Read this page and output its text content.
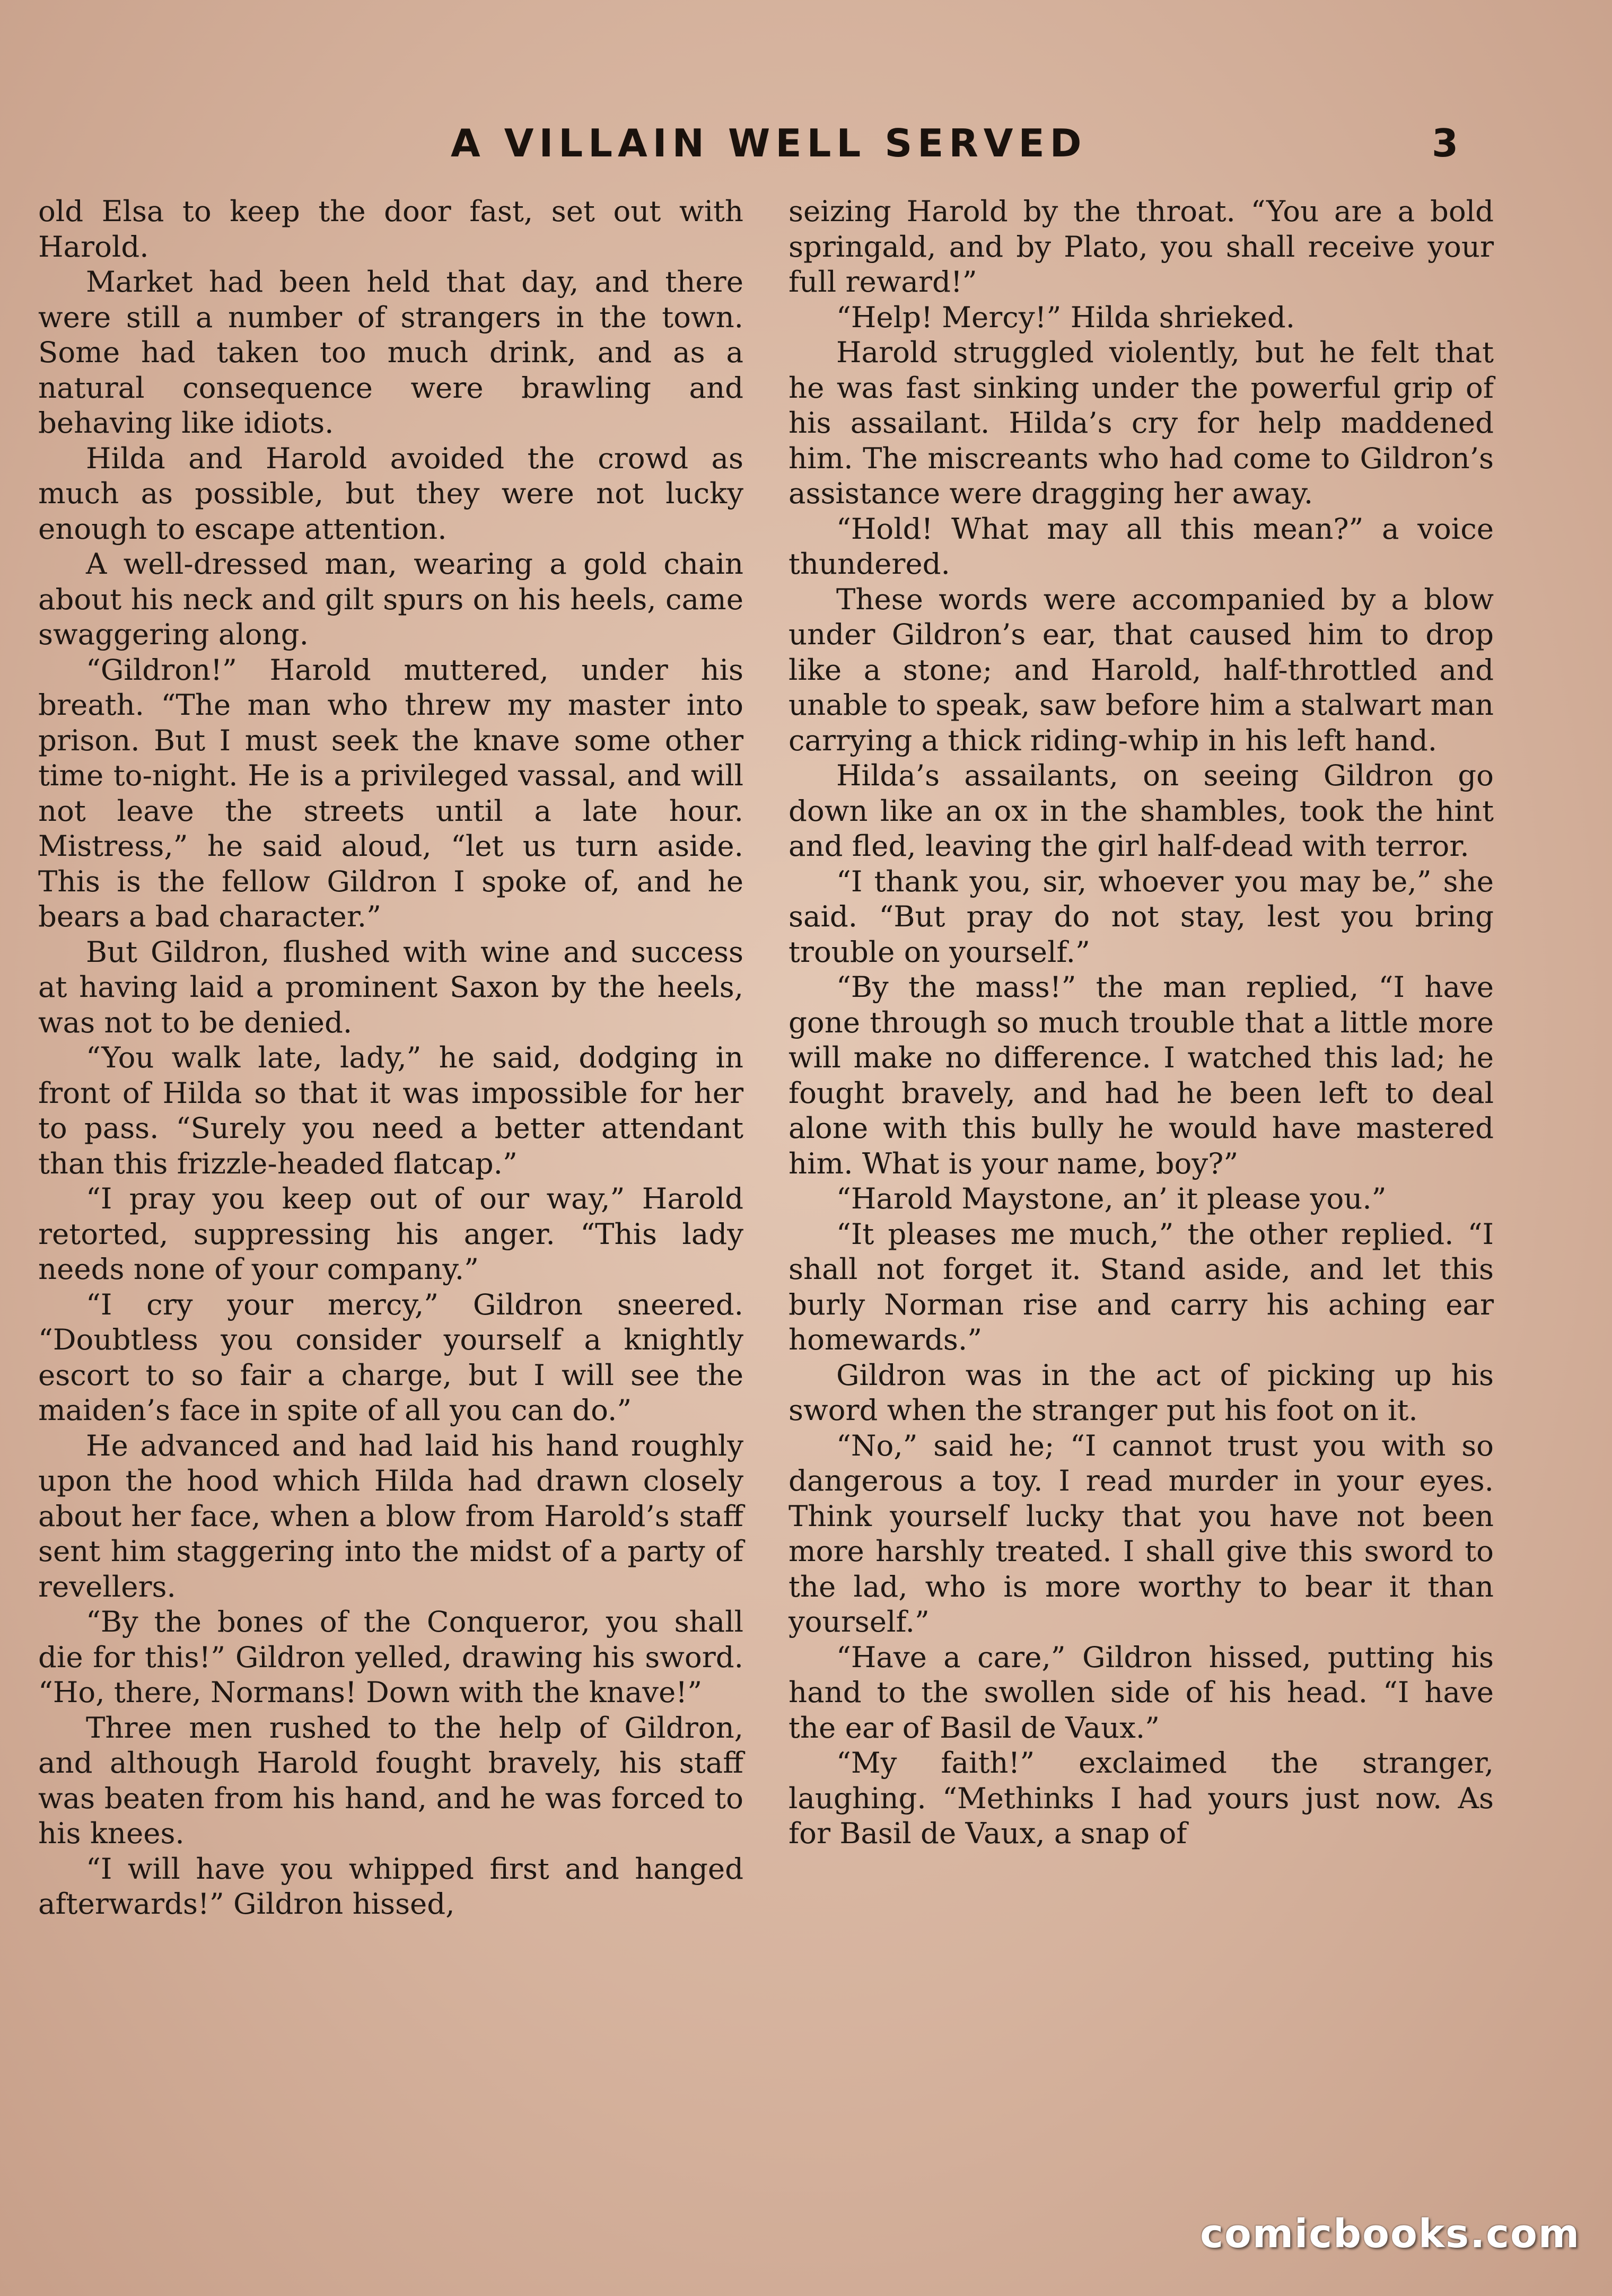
A VILLAIN WELL SERVED	3

old Elsa to keep the door fast, set out with Harold.

Market had been held that day, and there were still a number of strangers in the town. Some had taken too much drink, and as a natural consequence were brawling and behaving like idiots.

Hilda and Harold avoided the crowd as much as possible, but they were not lucky enough to escape attention.

A well-dressed man, wearing a gold chain about his neck and gilt spurs on his heels, came swaggering along.

“Gildron!” Harold muttered, under his breath. “The man who threw my master into prison. But I must seek the knave some other time to-night. He is a privileged vassal, and will not leave the streets until a late hour. Mistress,” he said aloud, “let us turn aside. This is the fellow Gildron I spoke of, and he bears a bad character.”

But Gildron, flushed with wine and success at having laid a prominent Saxon by the heels, was not to be denied.

“You walk late, lady,” he said, dodging in front of Hilda so that it was impossible for her to pass. “Surely you need a better attendant than this frizzle-headed flatcap.”

“I pray you keep out of our way,” Harold retorted, suppressing his anger. “This lady needs none of your company.”

“I cry your mercy,” Gildron sneered. “Doubtless you consider yourself a knightly escort to so fair a charge, but I will see the maiden’s face in spite of all you can do.”

He advanced and had laid his hand roughly upon the hood which Hilda had drawn closely about her face, when a blow from Harold’s staff sent him staggering into the midst of a party of revellers.

“By the bones of the Conqueror, you shall die for this!” Gildron yelled, drawing his sword. “Ho, there, Normans! Down with the knave!”

Three men rushed to the help of Gildron, and although Harold fought bravely, his staff was beaten from his hand, and he was forced to his knees.

“I will have you whipped first and hanged afterwards!” Gildron hissed,

seizing Harold by the throat. “You are a bold springald, and by Plato, you shall receive your full reward!”

“Help! Mercy!” Hilda shrieked.

Harold struggled violently, but he felt that he was fast sinking under the powerful grip of his assailant. Hilda’s cry for help maddened him. The miscreants who had come to Gildron’s assistance were dragging her away.

“Hold! What may all this mean?” a voice thundered.

These words were accompanied by a blow under Gildron’s ear, that caused him to drop like a stone; and Harold, half-throttled and unable to speak, saw before him a stalwart man carrying a thick riding-whip in his left hand.

Hilda’s assailants, on seeing Gildron go down like an ox in the shambles, took the hint and fled, leaving the girl half-dead with terror.

“I thank you, sir, whoever you may be,” she said. “But pray do not stay, lest you bring trouble on yourself.”

“By the mass!” the man replied, “I have gone through so much trouble that a little more will make no difference. I watched this lad; he fought bravely, and had he been left to deal alone with this bully he would have mastered him. What is your name, boy?”

“Harold Maystone, an’ it please you.”

“It pleases me much,” the other replied. “I shall not forget it. Stand aside, and let this burly Norman rise and carry his aching ear homewards.”

Gildron was in the act of picking up his sword when the stranger put his foot on it.

“No,” said he; “I cannot trust you with so dangerous a toy. I read murder in your eyes. Think yourself lucky that you have not been more harshly treated. I shall give this sword to the lad, who is more worthy to bear it than yourself.”

“Have a care,” Gildron hissed, putting his hand to the swollen side of his head. “I have the ear of Basil de Vaux.”

“My faith!” exclaimed the stranger, laughing. “Methinks I had yours just now. As for Basil de Vaux, a snap of

comicbooks.com
